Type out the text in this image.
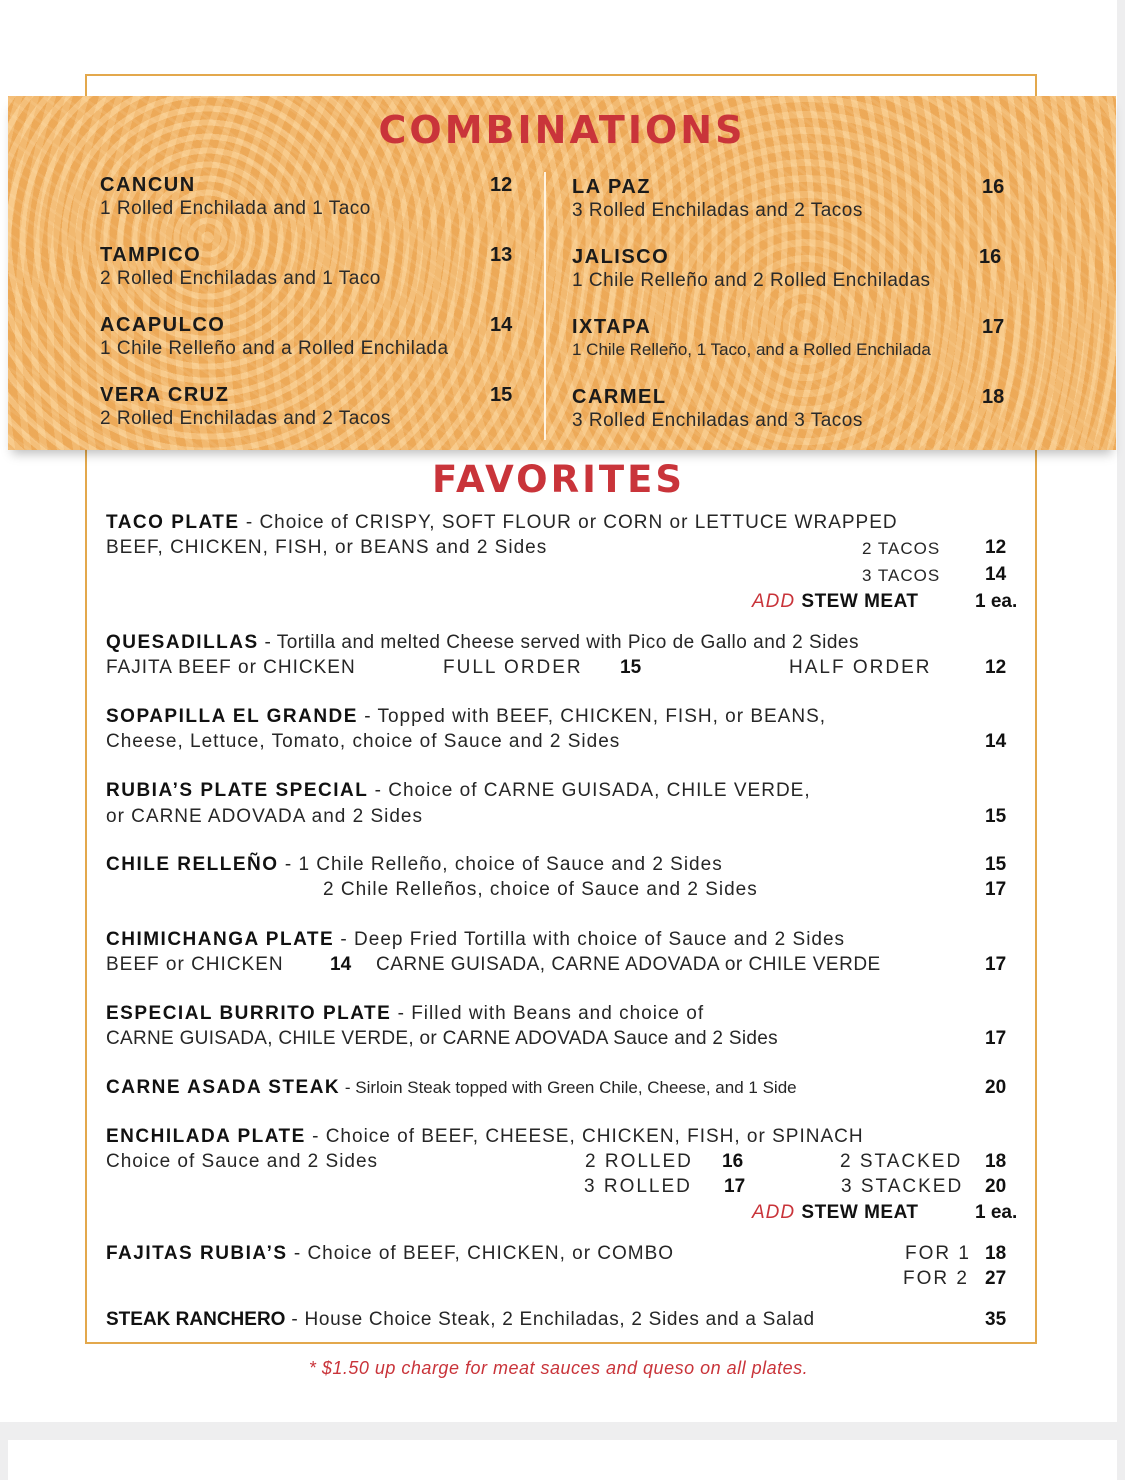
COMBINATIONS
CANCUN	12
1 Rolled Enchilada and 1 Taco
TAMPICO	13
2 Rolled Enchiladas and 1 Taco
ACAPULCO	14
1 Chile Relleño and a Rolled Enchilada
VERA CRUZ	15
2 Rolled Enchiladas and 2 Tacos
LA PAZ	16
3 Rolled Enchiladas and 2 Tacos
JALISCO	16
1 Chile Relleño and 2 Rolled Enchiladas
IXTAPA	17
1 Chile Relleño, 1 Taco, and a Rolled Enchilada
CARMEL	18
3 Rolled Enchiladas and 3 Tacos
FAVORITES
TACO PLATE - Choice of CRISPY, SOFT FLOUR or CORN or LETTUCE WRAPPED
BEEF, CHICKEN, FISH, or BEANS and 2 Sides	2 TACOS 12
3 TACOS 14
ADD STEW MEAT	1 ea.
QUESADILLAS - Tortilla and melted Cheese served with Pico de Gallo and 2 Sides
FAJITA BEEF or CHICKEN	FULL ORDER 15	HALF ORDER	12
SOPAPILLA EL GRANDE - Topped with BEEF, CHICKEN, FISH, or BEANS,
Cheese, Lettuce, Tomato, choice of Sauce and 2 Sides	14
RUBIA’S PLATE SPECIAL - Choice of CARNE GUISADA, CHILE VERDE,
or CARNE ADOVADA and 2 Sides	15
CHILE RELLEÑO - 1 Chile Relleño, choice of Sauce and 2 Sides	15
2 Chile Relleños, choice of Sauce and 2 Sides	17
CHIMICHANGA PLATE - Deep Fried Tortilla with choice of Sauce and 2 Sides
BEEF or CHICKEN 14 CARNE GUISADA, CARNE ADOVADA or CHILE VERDE	17
ESPECIAL BURRITO PLATE - Filled with Beans and choice of
CARNE GUISADA, CHILE VERDE, or CARNE ADOVADA Sauce and 2 Sides	17
CARNE ASADA STEAK - Sirloin Steak topped with Green Chile, Cheese, and 1 Side	20
ENCHILADA PLATE - Choice of BEEF, CHEESE, CHICKEN, FISH, or SPINACH
Choice of Sauce and 2 Sides	2 ROLLED 16	2 STACKED 18
3 ROLLED 17	3 STACKED 20
ADD STEW MEAT	1 ea.
FAJITAS RUBIA’S - Choice of BEEF, CHICKEN, or COMBO	FOR 1 18
FOR 2 27
STEAK RANCHERO - House Choice Steak, 2 Enchiladas, 2 Sides and a Salad	35
* $1.50 up charge for meat sauces and queso on all plates.
